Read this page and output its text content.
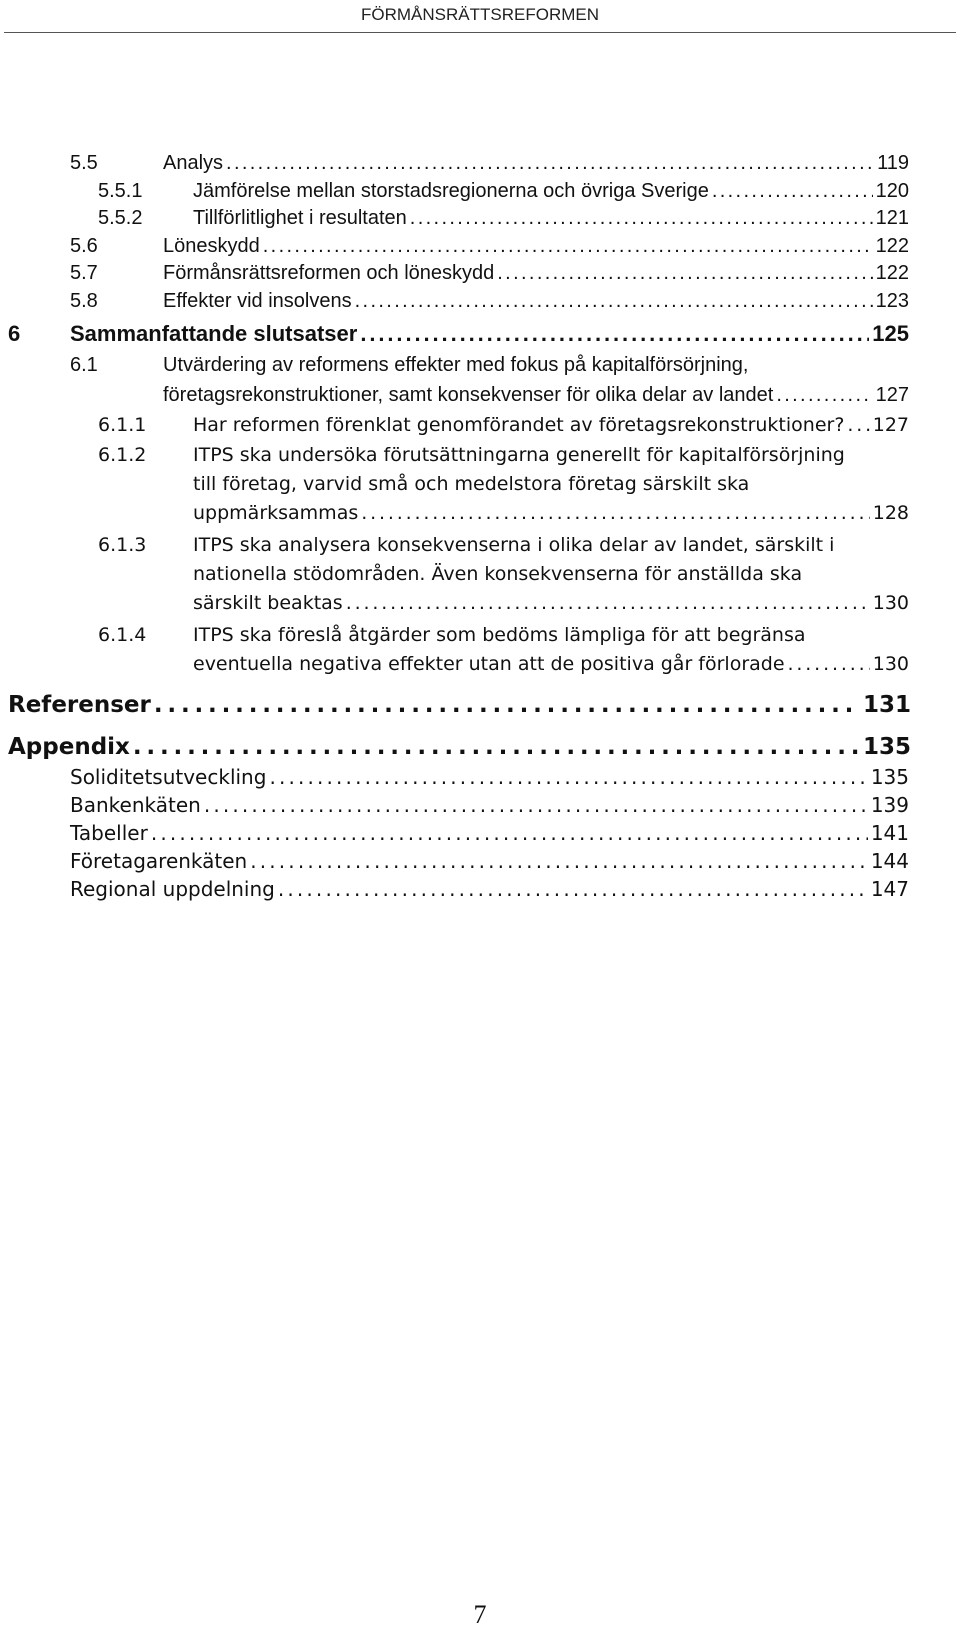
FÖRMÅNSRÄTTSREFORMEN
5.5	Analys . . .	119
5.5.1	Jämförelse mellan storstadsregionerna och övriga Sverige . . .	120
5.5.2	Tillförlitlighet i resultaten . . .	121
5.6	Löneskydd . . .	122
5.7	Förmånsrättsreformen och löneskydd . . .	122
5.8	Effekter vid insolvens . . .	123
6 Sammanfattande slutsatser . . .	125
6.1	Utvärdering av reformens effekter med fokus på kapitalförsörjning,
företagsrekonstruktioner, samt konsekvenser för olika delar av landet . . .	127
6.1.1 Har reformen förenklat genomförandet av företagsrekonstruktioner? . . . 127
6.1.2 ITPS ska undersöka förutsättningarna generellt för kapitalförsörjning
till företag, varvid små och medelstora företag särskilt ska
uppmärksammas . . .	128
6.1.3 ITPS ska analysera konsekvenserna i olika delar av landet, särskilt i
nationella stödområden. Även konsekvenserna för anställda ska
särskilt beaktas . . .	130
6.1.4 ITPS ska föreslå åtgärder som bedöms lämpliga för att begränsa
eventuella negativa effekter utan att de positiva går förlorade . . .	130
Referenser . . .	131
Appendix . . .	135
Soliditetsutveckling . . .	135
Bankenkäten . . .	139
Tabeller . . .	141
Företagarenkäten . . .	144
Regional uppdelning . . .	147
7
